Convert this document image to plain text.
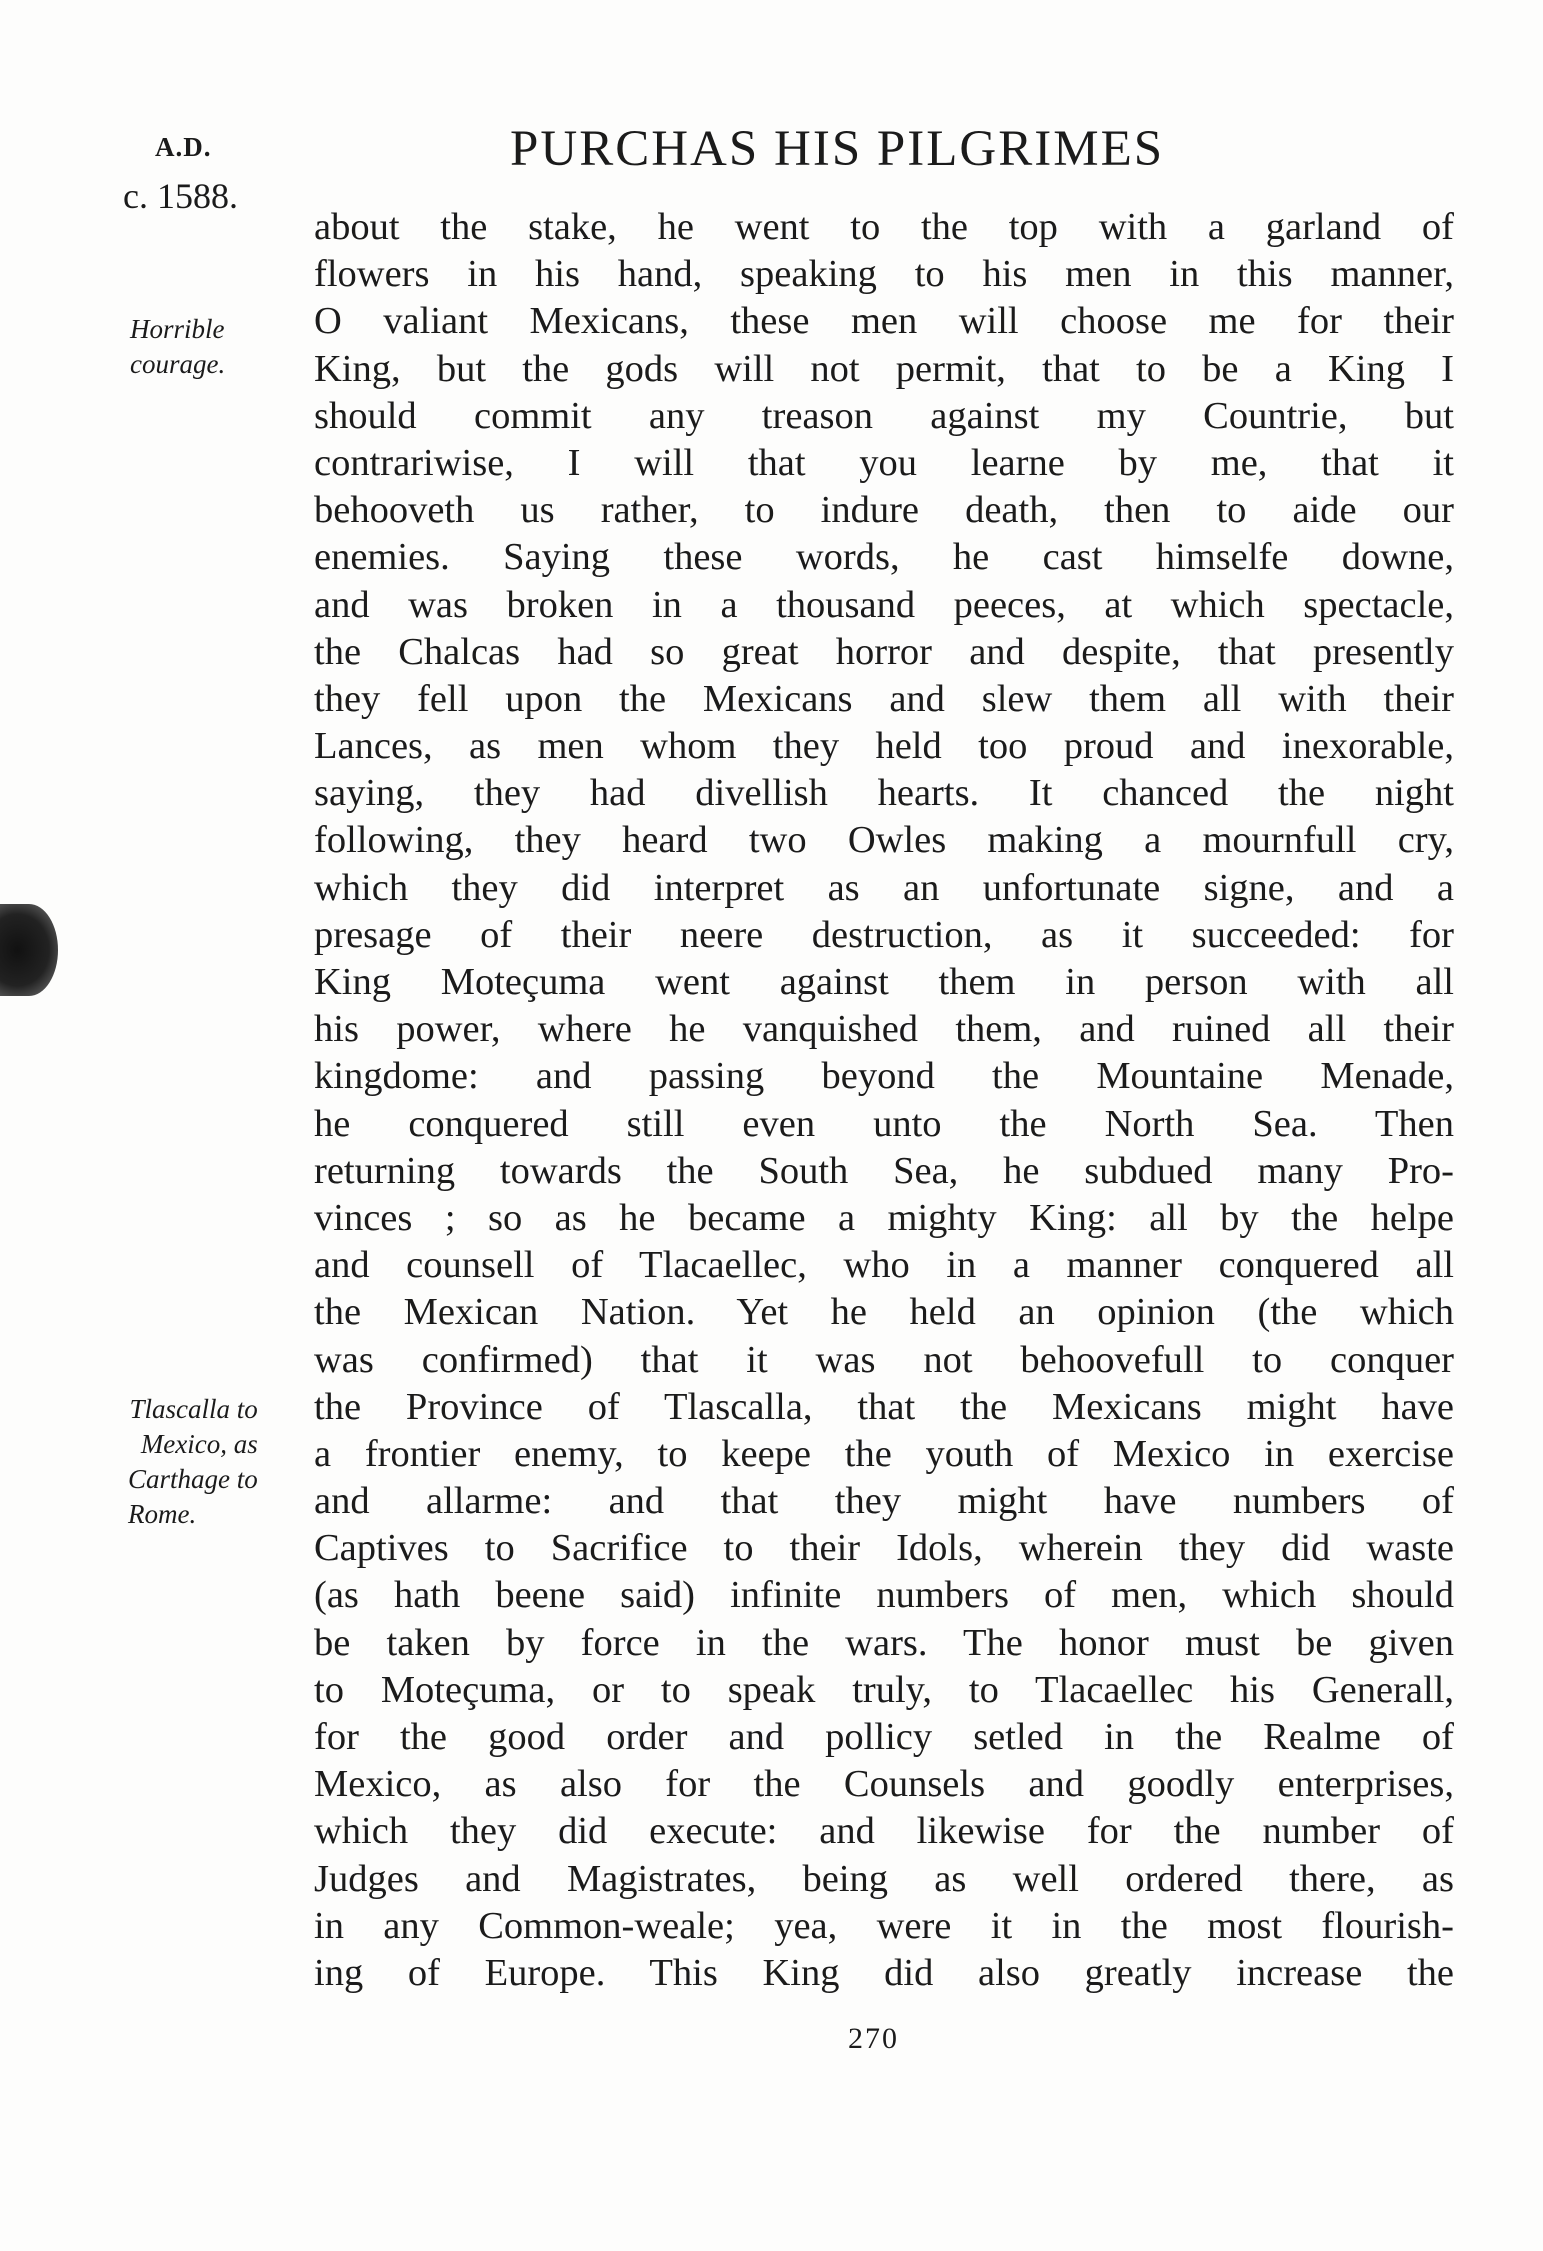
A.D.
c. 1588.
PURCHAS HIS PILGRIMES
Horrible
courage.
Tlascalla to
Mexico, as
Carthage to
Rome.
about the stake, he went to the top with a garland of
flowers in his hand, speaking to his men in this manner,
O valiant Mexicans, these men will choose me for their
King, but the gods will not permit, that to be a King I
should commit any treason against my Countrie, but
contrariwise, I will that you learne by me, that it
behooveth us rather, to indure death, then to aide our
enemies. Saying these words, he cast himselfe downe,
and was broken in a thousand peeces, at which spectacle,
the Chalcas had so great horror and despite, that presently
they fell upon the Mexicans and slew them all with their
Lances, as men whom they held too proud and inexorable,
saying, they had divellish hearts. It chanced the night
following, they heard two Owles making a mournfull cry,
which they did interpret as an unfortunate signe, and a
presage of their neere destruction, as it succeeded: for
King Moteçuma went against them in person with all
his power, where he vanquished them, and ruined all their
kingdome: and passing beyond the Mountaine Menade,
he conquered still even unto the North Sea. Then
returning towards the South Sea, he subdued many Pro-
vinces ; so as he became a mighty King: all by the helpe
and counsell of Tlacaellec, who in a manner conquered all
the Mexican Nation. Yet he held an opinion (the which
was confirmed) that it was not behoovefull to conquer
the Province of Tlascalla, that the Mexicans might have
a frontier enemy, to keepe the youth of Mexico in exercise
and allarme: and that they might have numbers of
Captives to Sacrifice to their Idols, wherein they did waste
(as hath beene said) infinite numbers of men, which should
be taken by force in the wars. The honor must be given
to Moteçuma, or to speak truly, to Tlacaellec his Generall,
for the good order and pollicy setled in the Realme of
Mexico, as also for the Counsels and goodly enterprises,
which they did execute: and likewise for the number of
Judges and Magistrates, being as well ordered there, as
in any Common-weale; yea, were it in the most flourish-
ing of Europe. This King did also greatly increase the
270
